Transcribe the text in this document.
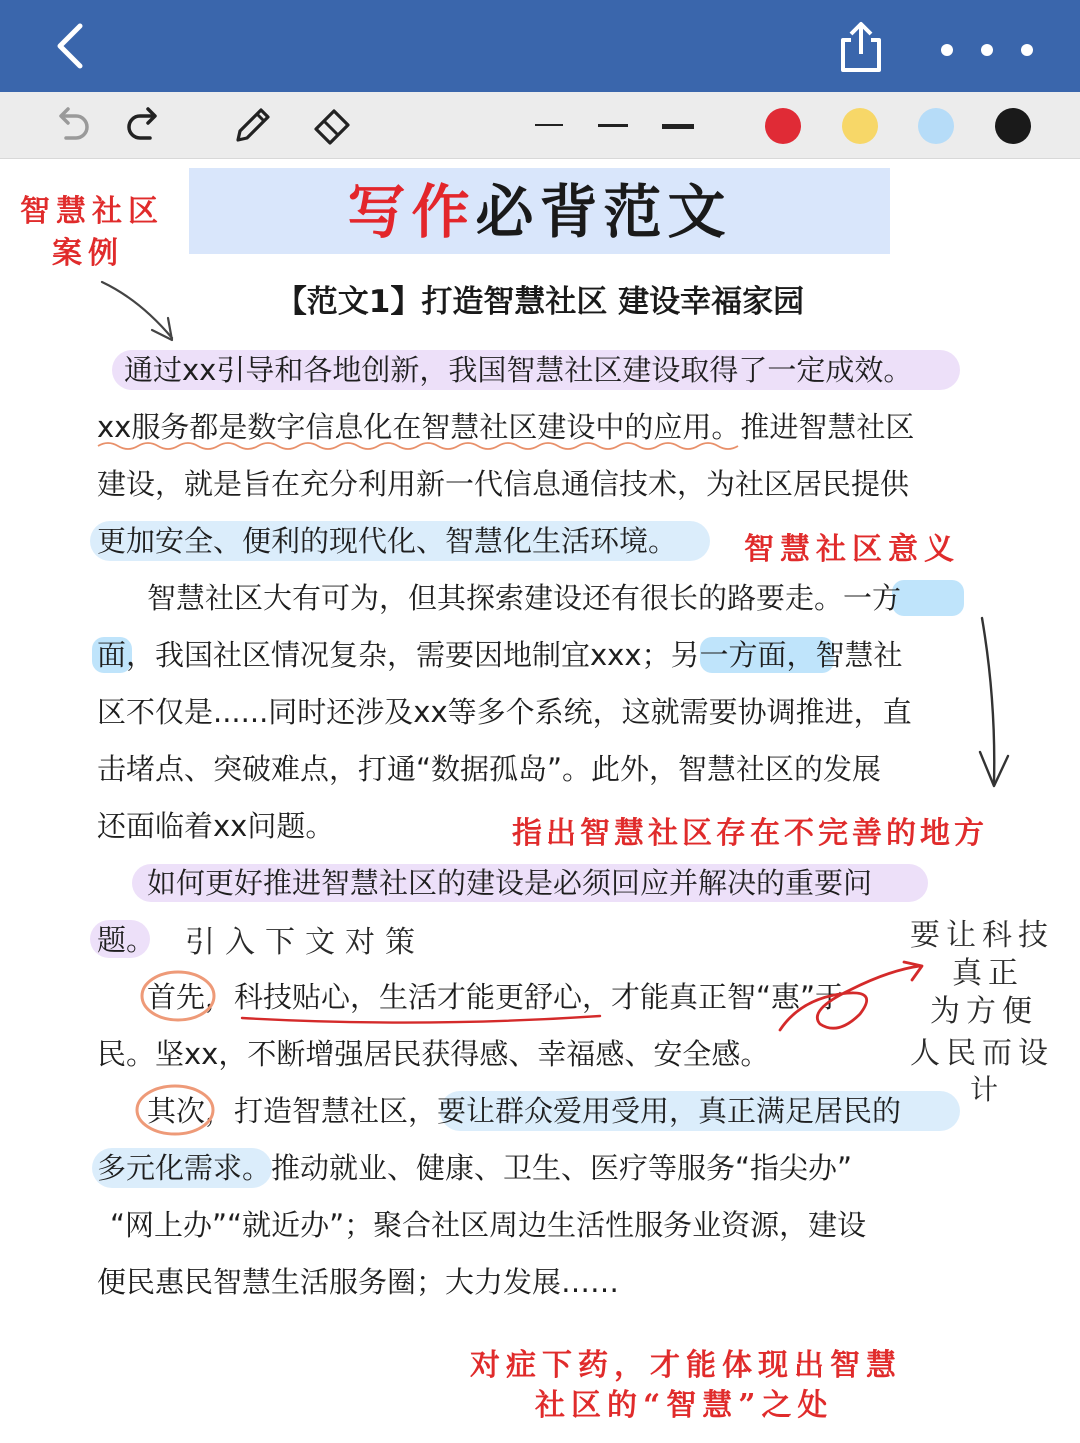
写作必背范文
【范文1】打造智慧社区 建设幸福家园
通过xx引导和各地创新，我国智慧社区建设取得了一定成效。
xx服务都是数字信息化在智慧社区建设中的应用。推进智慧社区
建设，就是旨在充分利用新一代信息通信技术，为社区居民提供
更加安全、便利的现代化、智慧化生活环境。
智慧社区大有可为，但其探索建设还有很长的路要走。一方
面，我国社区情况复杂，需要因地制宜xxx；另一方面，智慧社
区不仅是......同时还涉及xx等多个系统，这就需要协调推进，直
击堵点、突破难点，打通“数据孤岛”。此外，智慧社区的发展
还面临着xx问题。
如何更好推进智慧社区的建设是必须回应并解决的重要问
题。
首先，科技贴心，生活才能更舒心，才能真正智“惠”于
民。坚xx，不断增强居民获得感、幸福感、安全感。
其次，打造智慧社区，要让群众爱用受用，真正满足居民的
多元化需求。推动就业、健康、卫生、医疗等服务“指尖办”
“网上办”“就近办”；聚合社区周边生活性服务业资源，建设
便民惠民智慧生活服务圈；大力发展……
智慧社区
案例
智慧社区意义
指出智慧社区存在不完善的地方
引入下文对策	要让科技
真正
为方便
人民而设
计
对症下药，才能体现出智慧
社区的“智慧”之处
